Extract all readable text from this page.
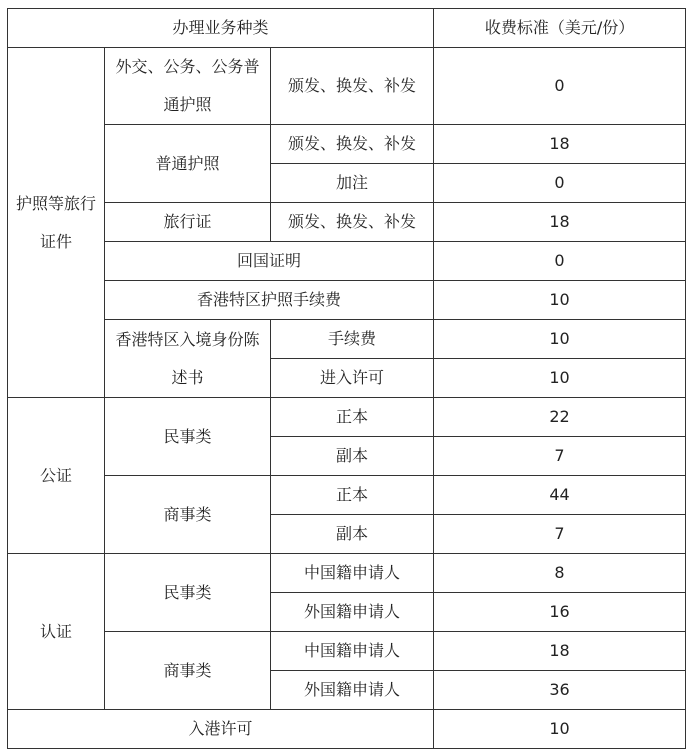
办理业务种类			收费标准（美元/份）
护照等旅行证件	外交、公务、公务普通护照	颁发、换发、补发	0

	普通护照	颁发、换发、补发	18
		加注	0
	旅行证	颁发、换发、补发	18
	回国证明		0
	香港特区护照手续费		10
	香港特区入境身份陈述书	手续费	10
		进入许可	10
公证	民事类	正本	22
		副本	7
	商事类	正本	44
		副本	7
认证	民事类	中国籍申请人	8
		外国籍申请人	16
	商事类	中国籍申请人	18
		外国籍申请人	36
入港许可			10
